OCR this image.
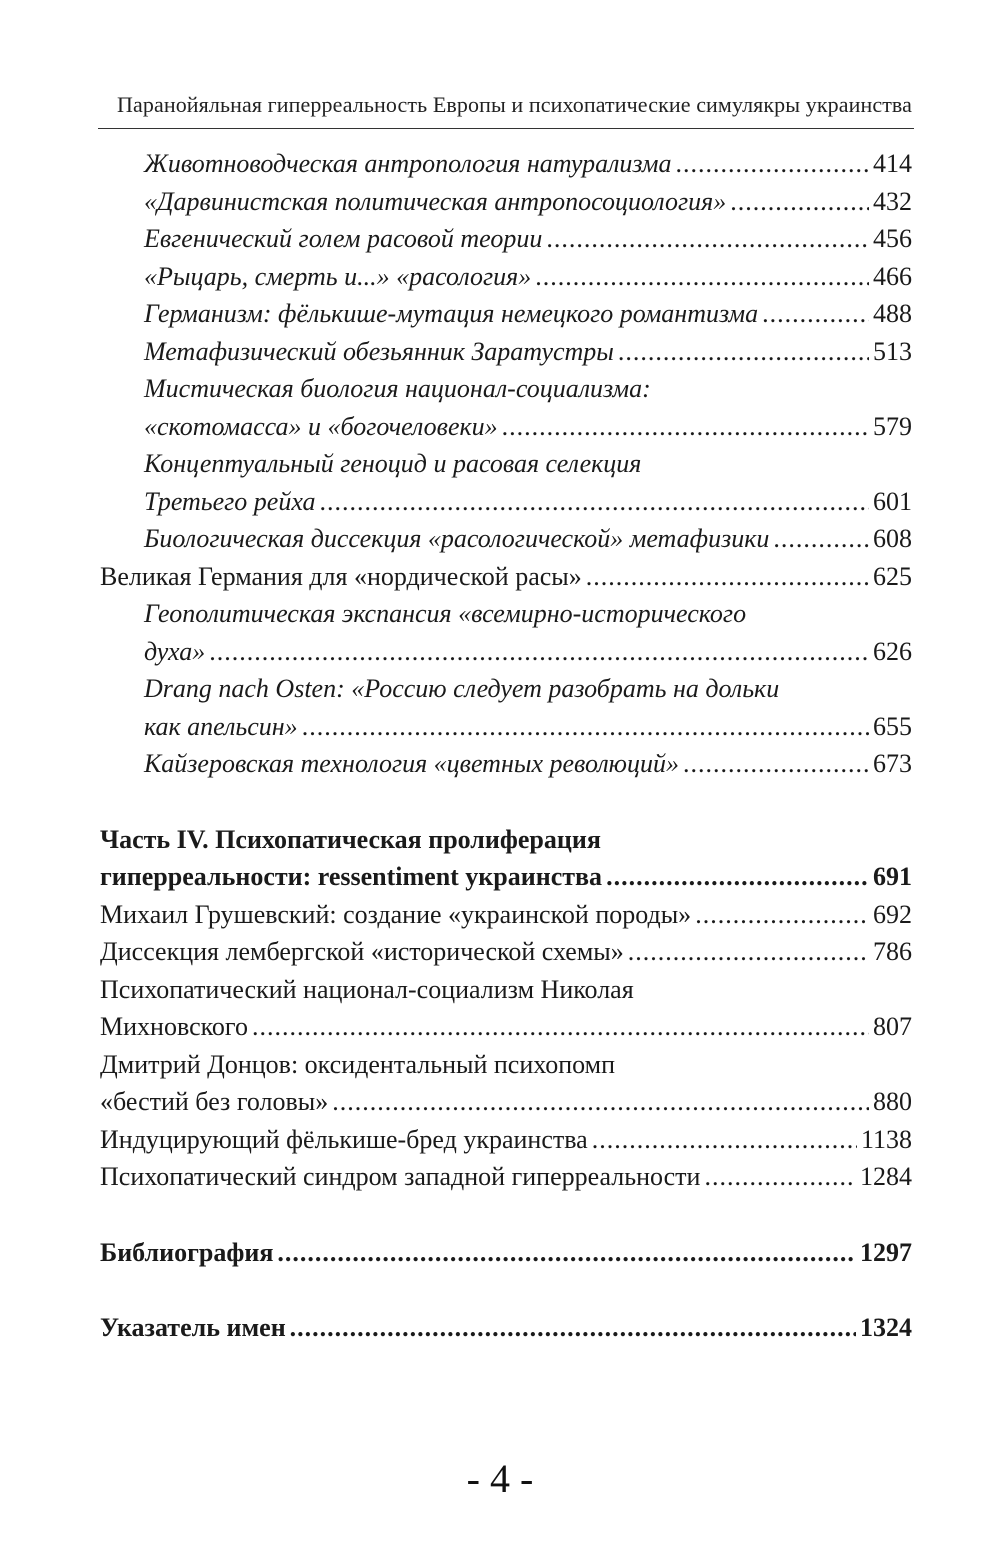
Паранойяльная гиперреальность Европы и психопатические симулякры украинства
Животноводческая антропология натурализма .....	414
«Дарвинистская политическая антропосоциология» .....	432
Евгенический голем расовой теории .....	456
«Рыцарь, смерть и...» «расология» .....	466
Германизм: фёлькише-мутация немецкого романтизма .....	488
Метафизический обезьянник Заратустры .....	513
Мистическая биология национал-социализма:
«скотомасса» и «богочеловеки» .....	579
Концептуальный геноцид и расовая селекция
Третьего рейха .....	601
Биологическая диссекция «расологической» метафизики .....	608
Великая Германия для «нордической расы» .....	625
Геополитическая экспансия «всемирно-исторического
духа» .....	626
Drang nach Osten: «Россию следует разобрать на дольки
как апельсин» .....	655
Кайзеровская технология «цветных революций» .....	673
Часть IV. Психопатическая пролиферация
гиперреальности: ressentiment украинства .....	691
Михаил Грушевский: создание «украинской породы» .....	692
Диссекция лембергской «исторической схемы» .....	786
Психопатический национал-социализм Николая
Михновского .....	807
Дмитрий Донцов: оксидентальный психопомп
«бестий без головы» .....	880
Индуцирующий фёлькише-бред украинства .....	1138
Психопатический синдром западной гиперреальности .....	1284
Библиография .....	1297
Указатель имен .....	1324
- 4 -
